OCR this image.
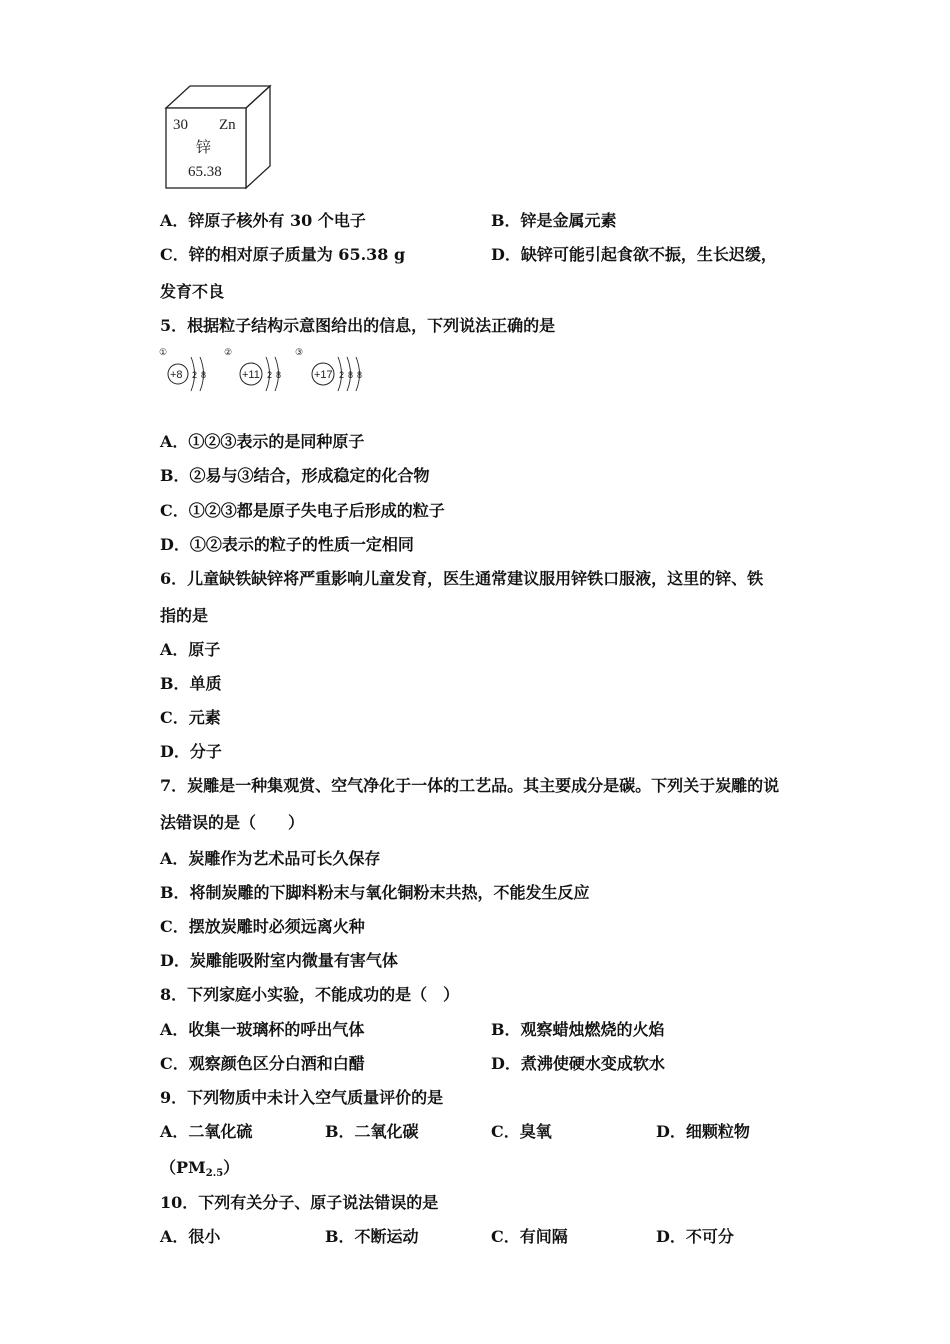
30 Zn
锌
65.38
A．锌原子核外有 30 个电子	B．锌是金属元素
C．锌的相对原子质量为 65.38 g	D．缺锌可能引起食欲不振，生长迟缓，
发育不良
5．根据粒子结构示意图给出的信息，下列说法正确的是
①
+8 2 8
②
+11 2 8
③
+17 2 8 8
A．①②③表示的是同种原子
B．②易与③结合，形成稳定的化合物
C．①②③都是原子失电子后形成的粒子
D．①②表示的粒子的性质一定相同
6．儿童缺铁缺锌将严重影响儿童发育，医生通常建议服用锌铁口服液，这里的锌、铁
指的是
A．原子
B．单质
C．元素
D．分子
7．炭雕是一种集观赏、空气净化于一体的工艺品。其主要成分是碳。下列关于炭雕的说
法错误的是（　　）
A．炭雕作为艺术品可长久保存
B．将制炭雕的下脚料粉末与氧化铜粉末共热，不能发生反应
C．摆放炭雕时必须远离火种
D．炭雕能吸附室内微量有害气体
8．下列家庭小实验，不能成功的是（　）
A．收集一玻璃杯的呼出气体	B．观察蜡烛燃烧的火焰
C．观察颜色区分白酒和白醋	D．煮沸使硬水变成软水
9．下列物质中未计入空气质量评价的是
A．二氧化硫	B．二氧化碳	C．臭氧	D．细颗粒物
$(PM_{2.5})$
10．下列有关分子、原子说法错误的是
A．很小	B．不断运动	C．有间隔	D．不可分
